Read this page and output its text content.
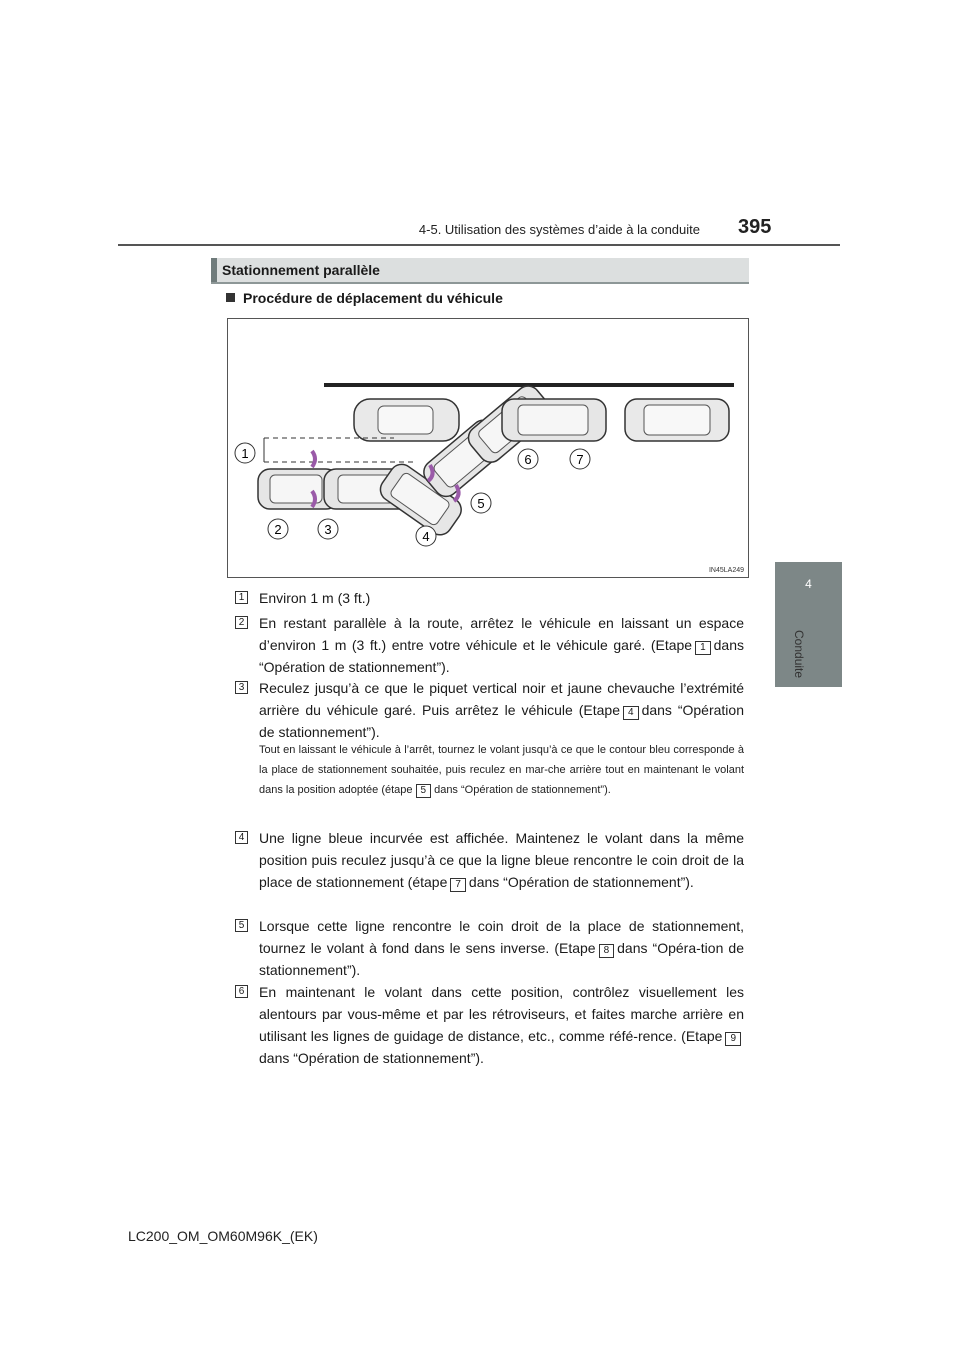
4-5. Utilisation des systèmes d’aide à la conduite 395
4
Conduite
Stationnement parallèle
Procédure de déplacement du véhicule
1
2	3	4
5
6	7
IN45LA249
1 Environ 1 m (3 ft.)
2 En restant parallèle à la route, arrêtez le véhicule en laissant un espace d’environ 1 m (3 ft.) entre votre véhicule et le véhicule garé. (Etape 1 dans “Opération de stationnement”).
3 Reculez jusqu’à ce que le piquet vertical noir et jaune chevauche l’extrémité arrière du véhicule garé. Puis arrêtez le véhicule (Etape 4 dans “Opération de stationnement”).
Tout en laissant le véhicule à l’arrêt, tournez le volant jusqu’à ce que le contour bleu corresponde à la place de stationnement souhaitée, puis reculez en mar-che arrière tout en maintenant le volant dans la position adoptée (étape 5 dans “Opération de stationnement”).
4 Une ligne bleue incurvée est affichée. Maintenez le volant dans la même position puis reculez jusqu’à ce que la ligne bleue rencontre le coin droit de la place de stationnement (étape 7 dans “Opération de stationnement”).
5 Lorsque cette ligne rencontre le coin droit de la place de stationnement, tournez le volant à fond dans le sens inverse. (Etape 8 dans “Opéra-tion de stationnement”).
6 En maintenant le volant dans cette position, contrôlez visuellement les alentours par vous-même et par les rétroviseurs, et faites marche arrière en utilisant les lignes de guidage de distance, etc., comme réfé-rence. (Etape 9dans “Opération de stationnement”).
LC200_OM_OM60M96K_(EK)
